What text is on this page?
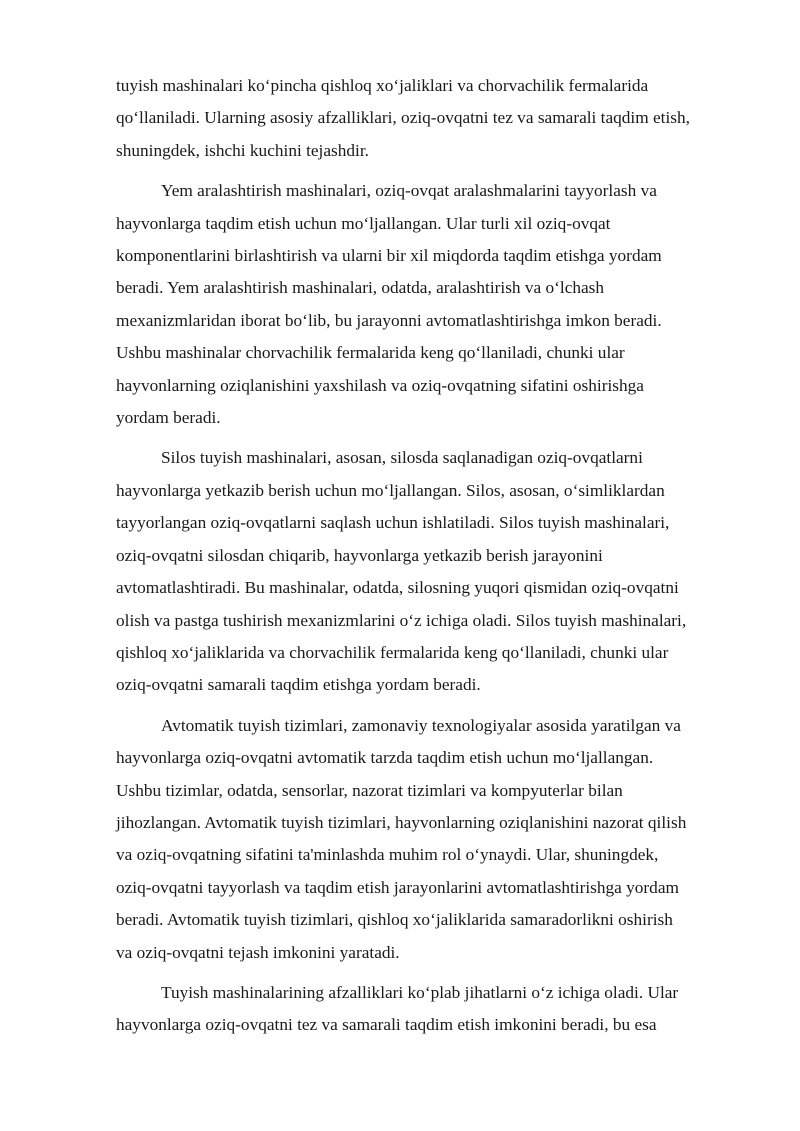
tuyish mashinalari ko‘pincha qishloq xo‘jaliklari va chorvachilik fermalarida
qo‘llaniladi. Ularning asosiy afzalliklari, oziq-ovqatni tez va samarali taqdim etish,
shuningdek, ishchi kuchini tejashdir.

Yem aralashtirish mashinalari, oziq-ovqat aralashmalarini tayyorlash va
hayvonlarga taqdim etish uchun mo‘ljallangan. Ular turli xil oziq-ovqat
komponentlarini birlashtirish va ularni bir xil miqdorda taqdim etishga yordam
beradi. Yem aralashtirish mashinalari, odatda, aralashtirish va o‘lchash
mexanizmlaridan iborat bo‘lib, bu jarayonni avtomatlashtirishga imkon beradi.
Ushbu mashinalar chorvachilik fermalarida keng qo‘llaniladi, chunki ular
hayvonlarning oziqlanishini yaxshilash va oziq-ovqatning sifatini oshirishga
yordam beradi.

Silos tuyish mashinalari, asosan, silosda saqlanadigan oziq-ovqatlarni
hayvonlarga yetkazib berish uchun mo‘ljallangan. Silos, asosan, o‘simliklardan
tayyorlangan oziq-ovqatlarni saqlash uchun ishlatiladi. Silos tuyish mashinalari,
oziq-ovqatni silosdan chiqarib, hayvonlarga yetkazib berish jarayonini
avtomatlashtiradi. Bu mashinalar, odatda, silosning yuqori qismidan oziq-ovqatni
olish va pastga tushirish mexanizmlarini o‘z ichiga oladi. Silos tuyish mashinalari,
qishloq xo‘jaliklarida va chorvachilik fermalarida keng qo‘llaniladi, chunki ular
oziq-ovqatni samarali taqdim etishga yordam beradi.

Avtomatik tuyish tizimlari, zamonaviy texnologiyalar asosida yaratilgan va
hayvonlarga oziq-ovqatni avtomatik tarzda taqdim etish uchun mo‘ljallangan.
Ushbu tizimlar, odatda, sensorlar, nazorat tizimlari va kompyuterlar bilan
jihozlangan. Avtomatik tuyish tizimlari, hayvonlarning oziqlanishini nazorat qilish
va oziq-ovqatning sifatini ta'minlashda muhim rol o‘ynaydi. Ular, shuningdek,
oziq-ovqatni tayyorlash va taqdim etish jarayonlarini avtomatlashtirishga yordam
beradi. Avtomatik tuyish tizimlari, qishloq xo‘jaliklarida samaradorlikni oshirish
va oziq-ovqatni tejash imkonini yaratadi.

Tuyish mashinalarining afzalliklari ko‘plab jihatlarni o‘z ichiga oladi. Ular
hayvonlarga oziq-ovqatni tez va samarali taqdim etish imkonini beradi, bu esa
